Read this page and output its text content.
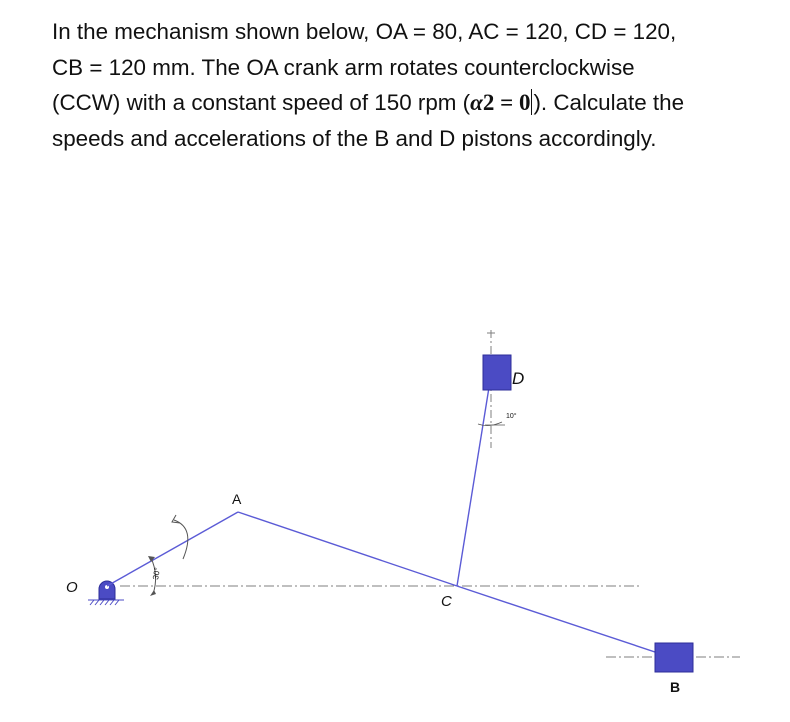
In the mechanism shown below, OA = 80, AC = 120, CD = 120,
CB = 120 mm. The OA crank arm rotates counterclockwise
(CCW) with a constant speed of 150 rpm (α2 = 0 ). Calculate the
speeds and accelerations of the B and D pistons accordingly.
30°
10°
O
A
C
D
B
